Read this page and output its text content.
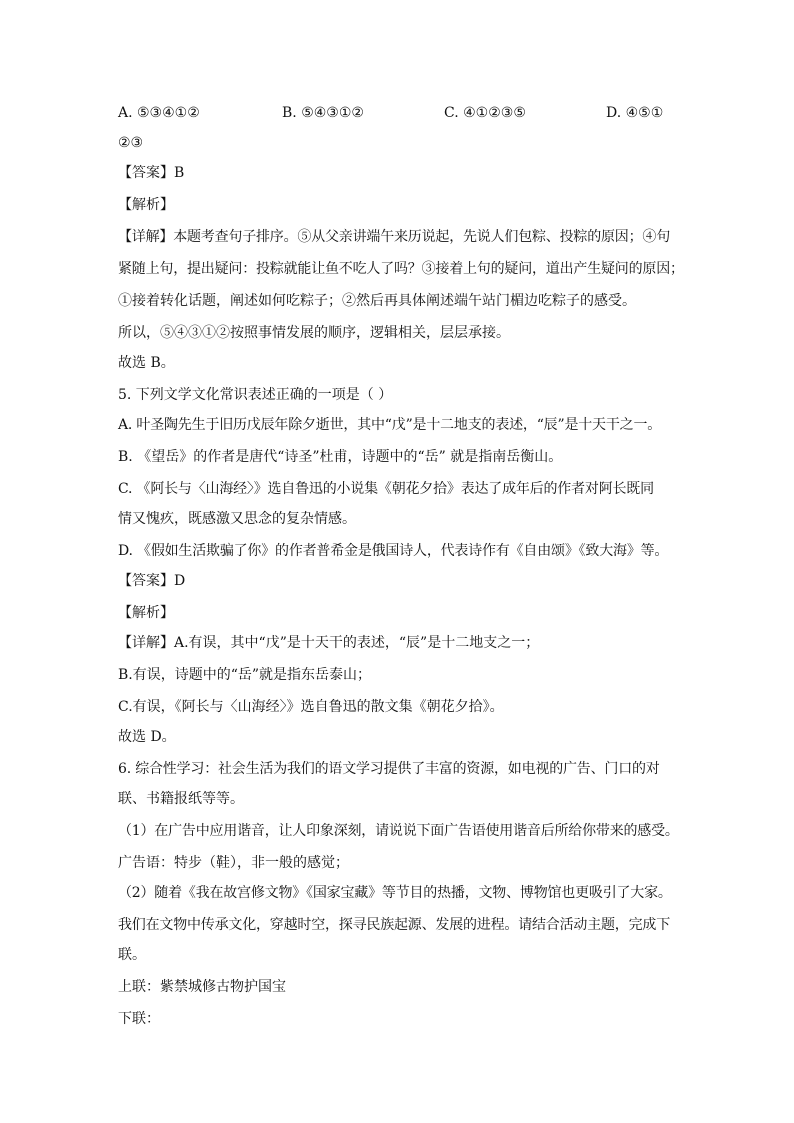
A. ⑤③④①②	B. ⑤④③①②	C. ④①②③⑤	D. ④⑤①
②③
【答案】B
【解析】
【详解】本题考查句子排序。⑤从父亲讲端午来历说起，先说人们包粽、投粽的原因；④句
紧随上句，提出疑问：投粽就能让鱼不吃人了吗？③接着上句的疑问，道出产生疑问的原因；
①接着转化话题，阐述如何吃粽子；②然后再具体阐述端午站门楣边吃粽子的感受。
所以，⑤④③①②按照事情发展的顺序，逻辑相关，层层承接。
故选 B。
5. 下列文学文化常识表述正确的一项是（ ）
A. 叶圣陶先生于旧历戊辰年除夕逝世，其中“戊”是十二地支的表述，“辰”是十天干之一。
B. 《望岳》的作者是唐代“诗圣”杜甫，诗题中的“岳” 就是指南岳衡山。
C. 《阿长与〈山海经〉》选自鲁迅的小说集《朝花夕拾》表达了成年后的作者对阿长既同
情又愧疚，既感激又思念的复杂情感。
D. 《假如生活欺骗了你》的作者普希金是俄国诗人，代表诗作有《自由颂》《致大海》等。
【答案】D
【解析】
【详解】A.有误，其中“戊”是十天干的表述，“辰”是十二地支之一；
B.有误，诗题中的“岳”就是指东岳泰山；
C.有误，《阿长与〈山海经〉》选自鲁迅的散文集《朝花夕拾》。
故选 D。
6. 综合性学习：社会生活为我们的语文学习提供了丰富的资源，如电视的广告、门口的对
联、书籍报纸等等。
（1）在广告中应用谐音，让人印象深刻，请说说下面广告语使用谐音后所给你带来的感受。
广告语：特步（鞋），非一般的感觉；
（2）随着《我在故宫修文物》《国家宝藏》等节目的热播，文物、博物馆也更吸引了大家。
我们在文物中传承文化，穿越时空，探寻民族起源、发展的进程。请结合活动主题，完成下
联。
上联：紫禁城修古物护国宝
下联：
